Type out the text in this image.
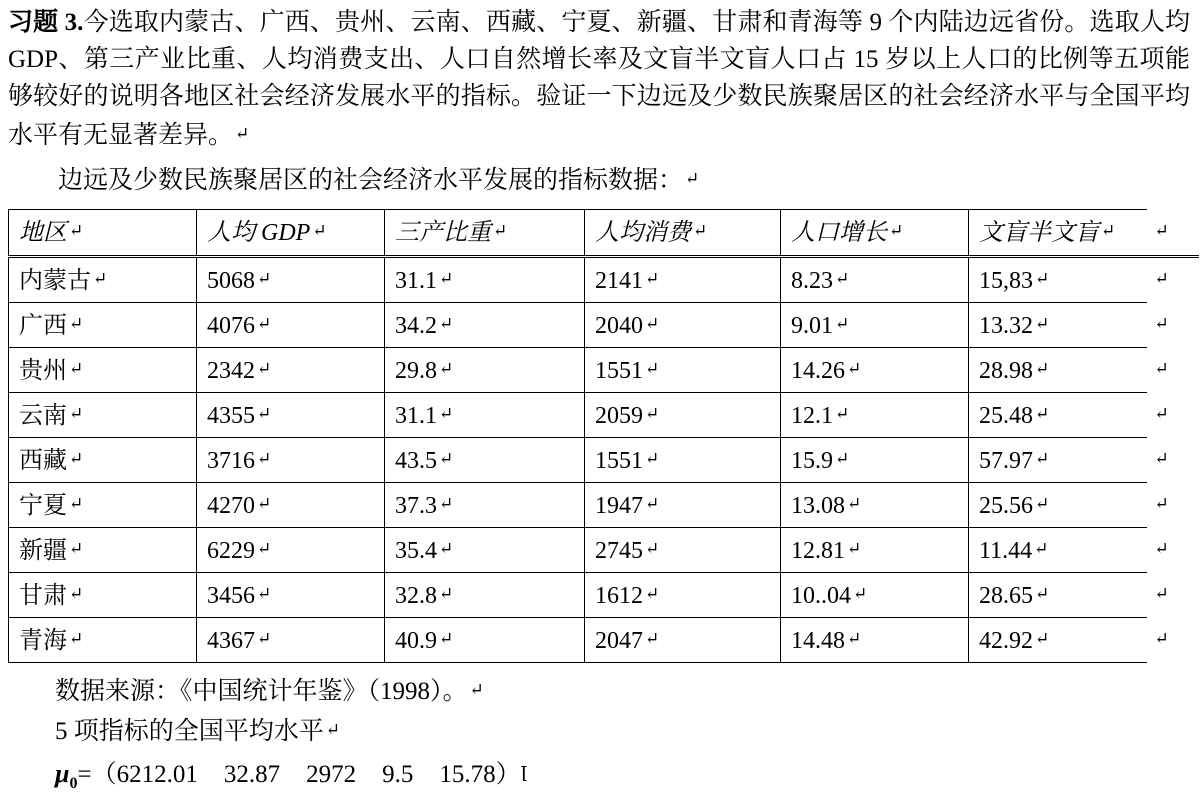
习题 3.今选取内蒙古、广西、贵州、云南、西藏、宁夏、新疆、甘肃和青海等 9 个内陆边远省份。选取人均 GDP、第三产业比重、人均消费支出、人口自然增长率及文盲半文盲人口占 15 岁以上人口的比例等五项能够较好的说明各地区社会经济发展水平的指标。验证一下边远及少数民族聚居区的社会经济水平与全国平均水平有无显著差异。 ↵

边远及少数民族聚居区的社会经济水平发展的指标数据： ↵

地区 ↵	人均 GDP ↵	三产比重 ↵	人均消费 ↵	人口增长 ↵	文盲半文盲 ↵	↵
内蒙古 ↵	5068 ↵	31.1 ↵	2141 ↵	8.23 ↵	15,83 ↵	↵
广西 ↵	4076 ↵	34.2 ↵	2040 ↵	9.01 ↵	13.32 ↵	↵
贵州 ↵	2342 ↵	29.8 ↵	1551 ↵	14.26 ↵	28.98 ↵	↵
云南 ↵	4355 ↵	31.1 ↵	2059 ↵	12.1 ↵	25.48 ↵	↵
西藏 ↵	3716 ↵	43.5 ↵	1551 ↵	15.9 ↵	57.97 ↵	↵
宁夏 ↵	4270 ↵	37.3 ↵	1947 ↵	13.08 ↵	25.56 ↵	↵
新疆 ↵	6229 ↵	35.4 ↵	2745 ↵	12.81 ↵	11.44 ↵	↵
甘肃 ↵	3456 ↵	32.8 ↵	1612 ↵	10..04 ↵	28.65 ↵	↵
青海 ↵	4367 ↵	40.9 ↵	2047 ↵	14.48 ↵	42.92 ↵	↵

数据来源：《中国统计年鉴》（1998）。 ↵

5 项指标的全国平均水平 ↵

$\mu_0=(6212.01$ 32.87 2972 9.5 15.78）$^ꞁ$
